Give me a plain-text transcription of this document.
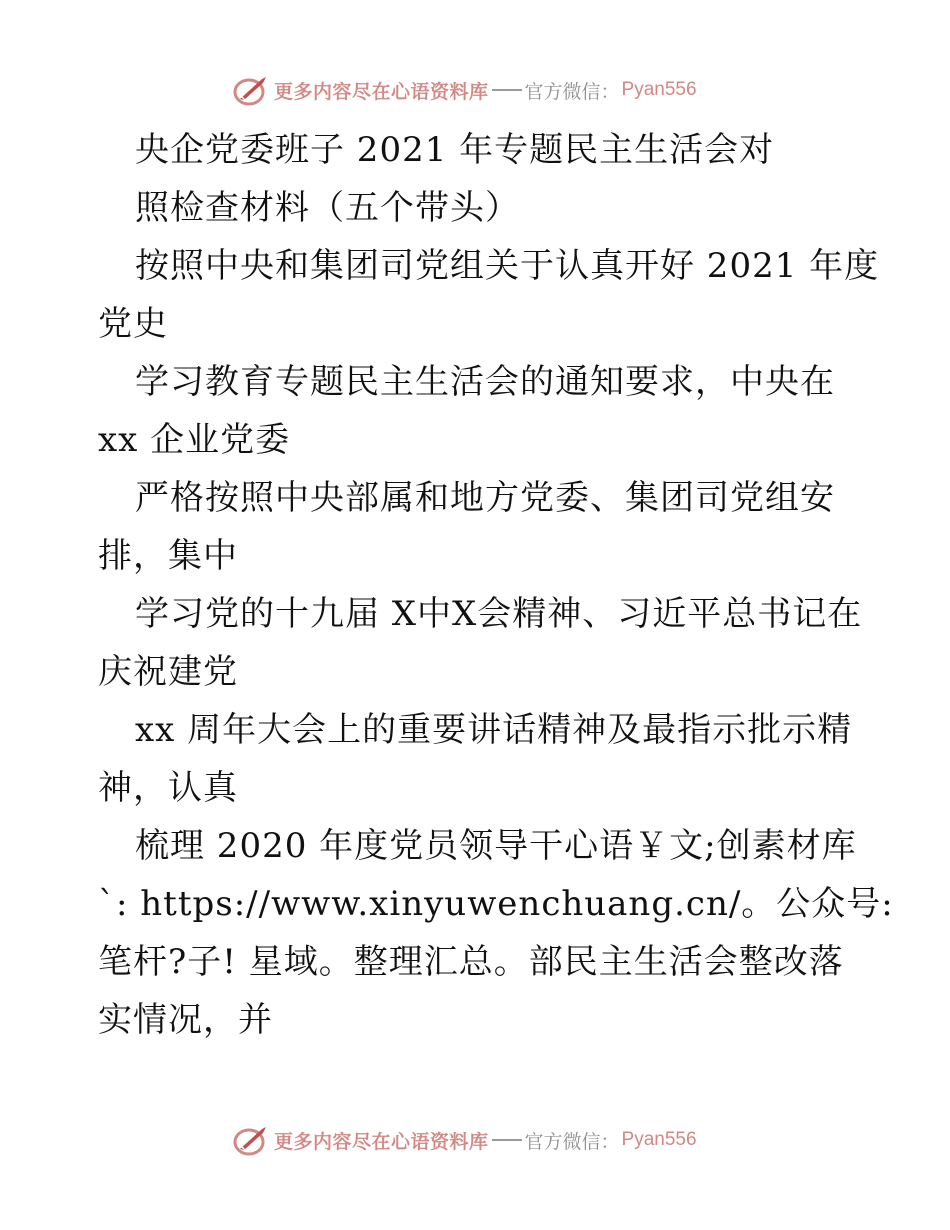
更多内容尽在心语资料库 官方微信： Pyan556
央企党委班子 2021 年专题民主生活会对
照检查材料（五个带头）
按照中央和集团司党组关于认真开好 2021 年度
党史
学习教育专题民主生活会的通知要求，中央在
xx 企业党委
严格按照中央部属和地方党委、集团司党组安
排，集中
学习党的十九届 X中X会精神、习近平总书记在
庆祝建党
xx 周年大会上的重要讲话精神及最指示批示精
神，认真
梳理 2020 年度党员领导干心语￥文;创素材库
`: https://www.xinyuwenchuang.cn/。公众号:
笔杆?子! 星域。整理汇总。部民主生活会整改落
实情况，并
更多内容尽在心语资料库 官方微信： Pyan556
